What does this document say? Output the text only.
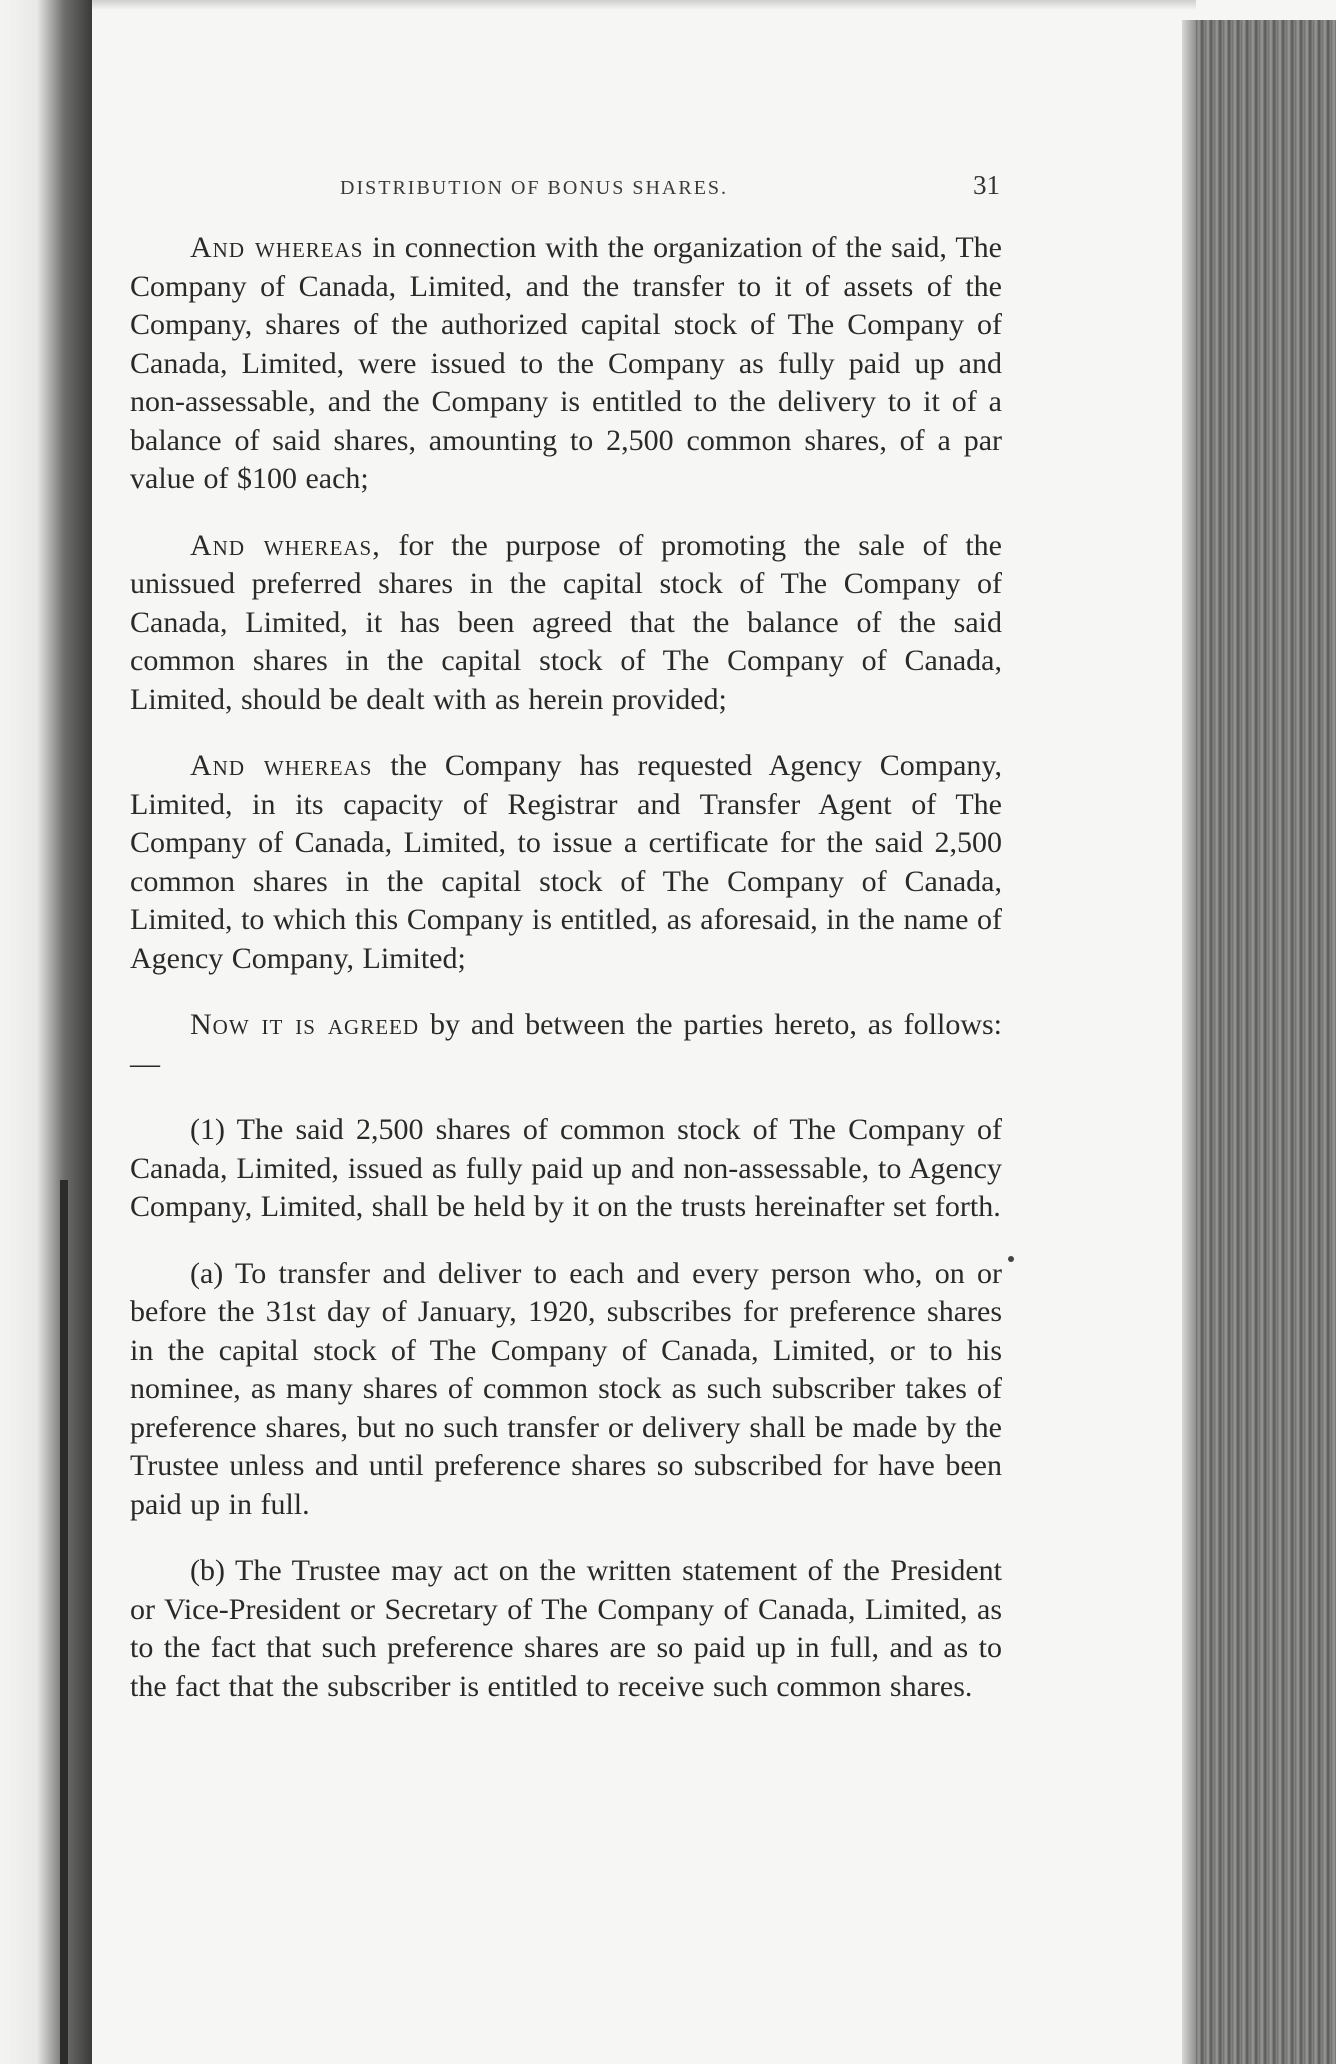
DISTRIBUTION OF BONUS SHARES.	31

And whereas in connection with the organization of the said, The Company of Canada, Limited, and the transfer to it of assets of the Company, shares of the authorized capital stock of The Company of Canada, Limited, were issued to the Company as fully paid up and non-assessable, and the Company is entitled to the delivery to it of a balance of said shares, amounting to 2,500 common shares, of a par value of $100 each;

And whereas, for the purpose of promoting the sale of the unissued preferred shares in the capital stock of The Company of Canada, Limited, it has been agreed that the balance of the said common shares in the capital stock of The Company of Canada, Limited, should be dealt with as herein provided;

And whereas the Company has requested Agency Company, Limited, in its capacity of Registrar and Transfer Agent of The Company of Canada, Limited, to issue a certificate for the said 2,500 common shares in the capital stock of The Company of Canada, Limited, to which this Company is entitled, as aforesaid, in the name of Agency Company, Limited;

Now it is agreed by and between the parties hereto, as follows:—

(1) The said 2,500 shares of common stock of The Company of Canada, Limited, issued as fully paid up and non-assessable, to Agency Company, Limited, shall be held by it on the trusts hereinafter set forth.

(a) To transfer and deliver to each and every person who, on or before the 31st day of January, 1920, subscribes for preference shares in the capital stock of The Company of Canada, Limited, or to his nominee, as many shares of common stock as such subscriber takes of preference shares, but no such transfer or delivery shall be made by the Trustee unless and until preference shares so subscribed for have been paid up in full.

(b) The Trustee may act on the written statement of the President or Vice-President or Secretary of The Company of Canada, Limited, as to the fact that such preference shares are so paid up in full, and as to the fact that the subscriber is entitled to receive such common shares.
